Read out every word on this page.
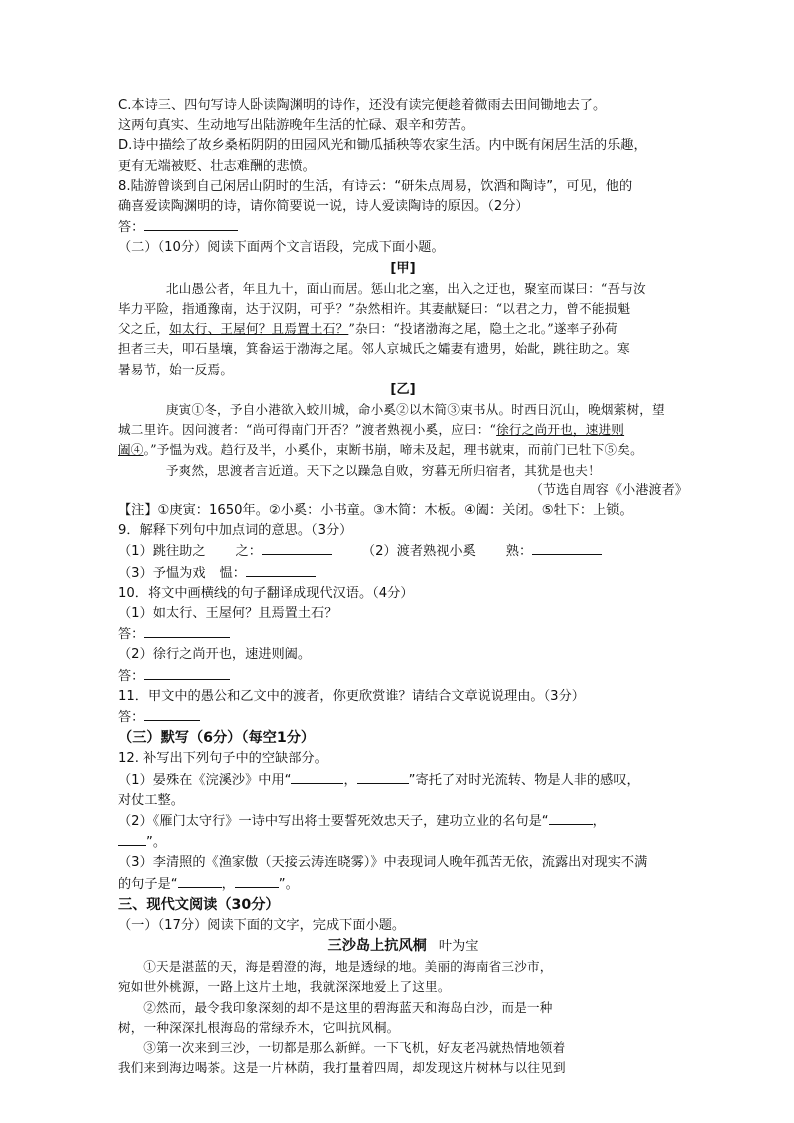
C.本诗三、四句写诗人卧读陶渊明的诗作，还没有读完便趁着微雨去田间锄地去了。
这两句真实、生动地写出陆游晚年生活的忙碌、艰辛和劳苦。
D.诗中描绘了故乡桑柘阴阴的田园风光和锄瓜插秧等农家生活。内中既有闲居生活的乐趣，
更有无端被贬、壮志难酬的悲愤。
8.陆游曾谈到自己闲居山阴时的生活，有诗云：“研朱点周易，饮酒和陶诗”，可见，他的
确喜爱读陶渊明的诗，请你简要说一说，诗人爱读陶诗的原因。（2分）
答：
（二）（10分）阅读下面两个文言语段，完成下面小题。
[甲]
北山愚公者，年且九十，面山而居。惩山北之塞，出入之迂也，聚室而谋曰：“吾与汝
毕力平险，指通豫南，达于汉阴，可乎？”杂然相许。其妻献疑曰：“以君之力，曾不能损魁
父之丘，如太行、王屋何？且焉置土石？”杂曰：“投诸渤海之尾，隐土之北。”遂率子孙荷
担者三夫，叩石垦壤，箕畚运于渤海之尾。邻人京城氏之孀妻有遗男，始龀，跳往助之。寒
暑易节，始一反焉。
[乙]
庚寅①冬，予自小港欲入蛟川城，命小奚②以木简③束书从。时西日沉山，晚烟萦树，望
城二里许。因问渡者：“尚可得南门开否？”渡者熟视小奚，应曰：“徐行之尚开也，速进则
阖④。”予愠为戏。趋行及半，小奚仆，束断书崩，啼未及起，理书就束，而前门已牡下⑤矣。
予爽然，思渡者言近道。天下之以躁急自败，穷暮无所归宿者，其犹是也夫！
（节选自周容《小港渡者》
【注】①庚寅：1650年。②小奚：小书童。③木简：木板。④阖：关闭。⑤牡下：上锁。
9．解释下列句中加点词的意思。（3分）
（1）跳往助之 之：	（2）渡者熟视小奚 熟：
（3）予愠为戏 愠：
10．将文中画横线的句子翻译成现代汉语。（4分）
（1）如太行、王屋何？且焉置土石？
答：
（2）徐行之尚开也，速进则阖。
答：
11．甲文中的愚公和乙文中的渡者，你更欣赏谁？请结合文章说说理由。（3分）
答：
（三）默写（6分）（每空1分）
12. 补写出下列句子中的空缺部分。
（1）晏殊在《浣溪沙》中用“	，	”寄托了对时光流转、物是人非的感叹，
对仗工整。
（2）《雁门太守行》一诗中写出将士要誓死效忠天子，建功立业的名句是“	，
”。
（3）李清照的《渔家傲（天接云涛连晓雾）》中表现词人晚年孤苦无依，流露出对现实不满
的句子是“	，	”。
三、现代文阅读（30分）
（一）（17分）阅读下面的文字，完成下面小题。
三沙岛上抗风桐 叶为宝
①天是湛蓝的天，海是碧澄的海，地是透绿的地。美丽的海南省三沙市，
宛如世外桃源，一路上这片土地，我就深深地爱上了这里。
②然而，最令我印象深刻的却不是这里的碧海蓝天和海岛白沙，而是一种
树，一种深深扎根海岛的常绿乔木，它叫抗风桐。
③第一次来到三沙，一切都是那么新鲜。一下飞机，好友老冯就热情地领着
我们来到海边喝茶。这是一片林荫，我打量着四周，却发现这片树林与以往见到
